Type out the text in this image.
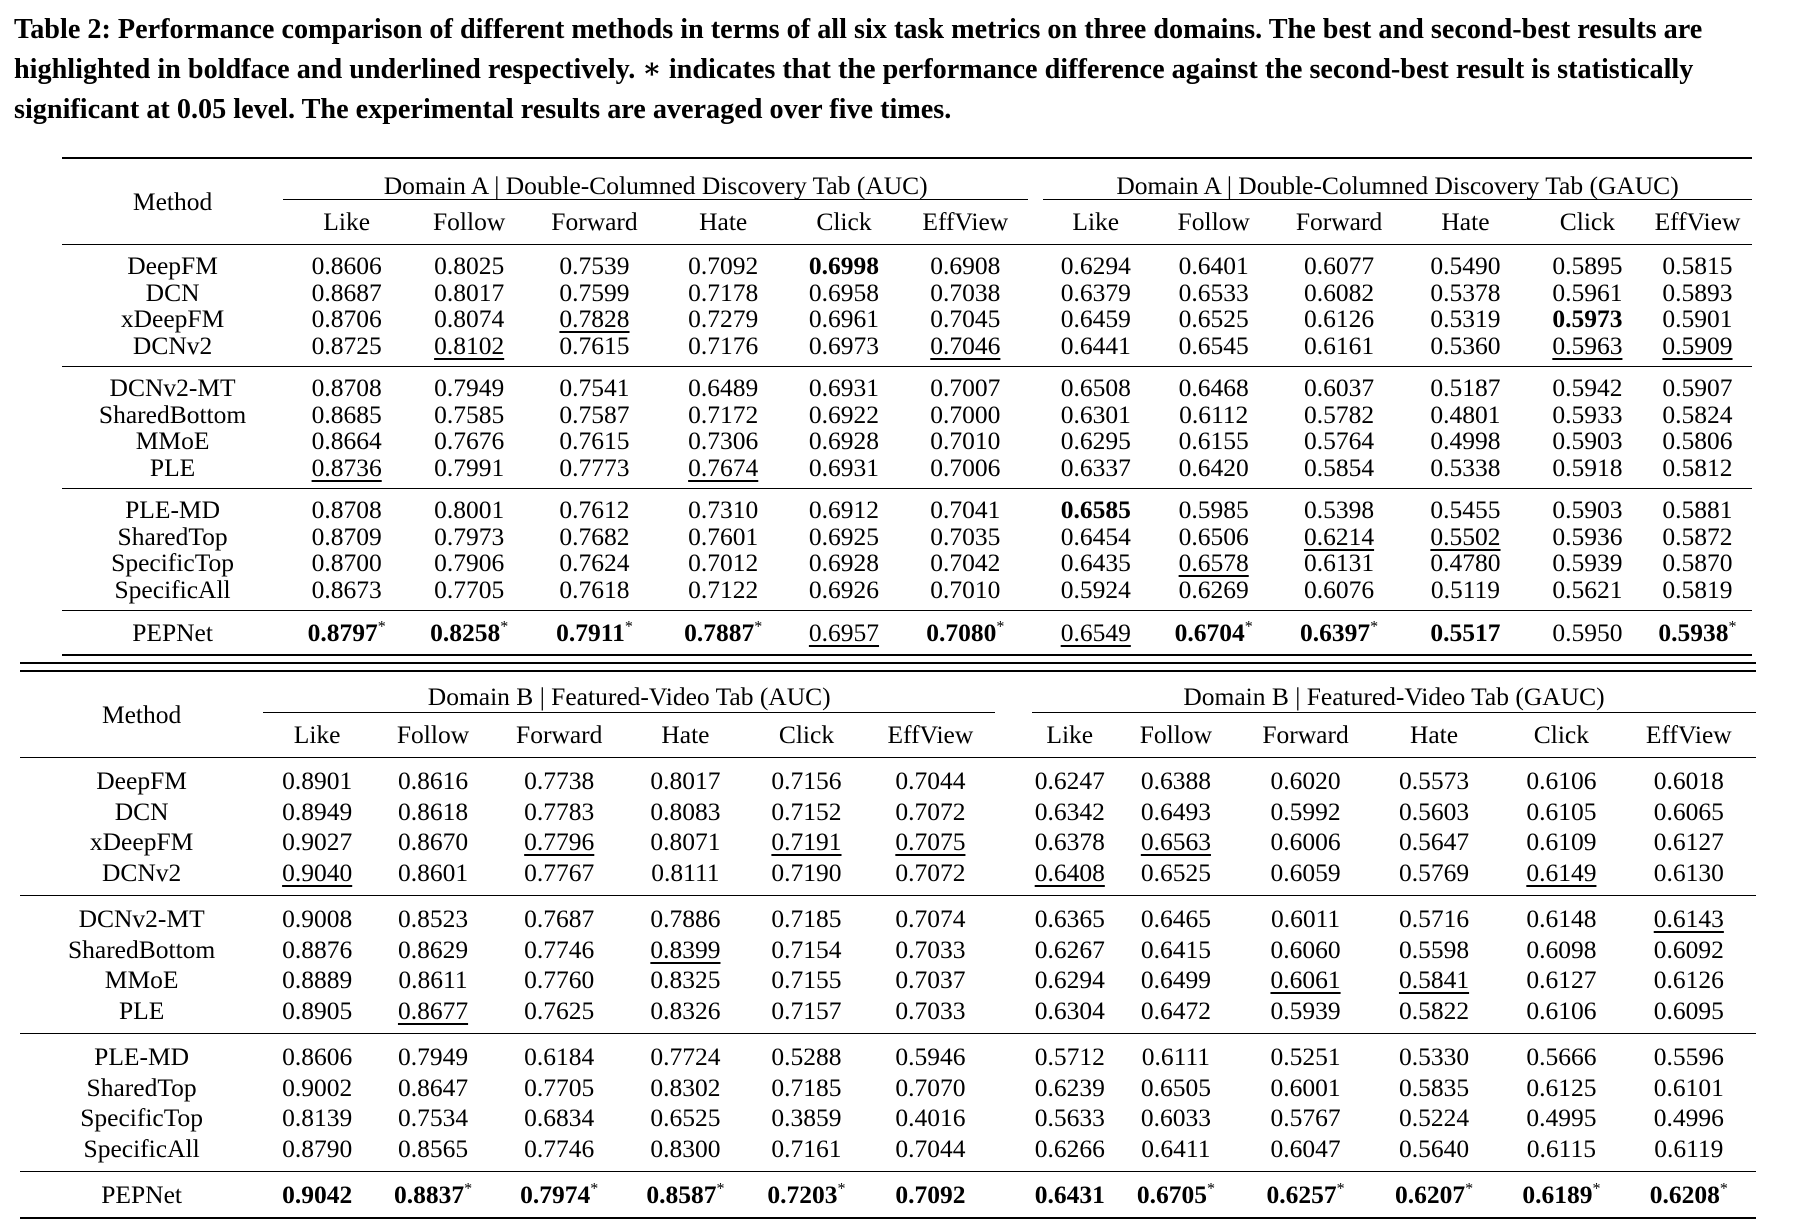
Table 2: Performance comparison of different methods in terms of all six task metrics on three domains. The best and second-best results are highlighted in boldface and underlined respectively. ∗ indicates that the performance difference against the second-best result is statistically significant at 0.05 level. The experimental results are averaged over five times.

Method	Domain A | Double-Columned Discovery Tab (AUC)							Domain A | Double-Columned Discovery Tab (GAUC)					
	Like	Follow	Forward	Hate	Click	EffView		Like	Follow	Forward	Hate	Click	EffView
DeepFM	0.8606	0.8025	0.7539	0.7092	0.6998	0.6908		0.6294	0.6401	0.6077	0.5490	0.5895	0.5815
DCN	0.8687	0.8017	0.7599	0.7178	0.6958	0.7038		0.6379	0.6533	0.6082	0.5378	0.5961	0.5893
xDeepFM	0.8706	0.8074	0.7828	0.7279	0.6961	0.7045		0.6459	0.6525	0.6126	0.5319	0.5973	0.5901
DCNv2	0.8725	0.8102	0.7615	0.7176	0.6973	0.7046		0.6441	0.6545	0.6161	0.5360	0.5963	0.5909
DCNv2-MT	0.8708	0.7949	0.7541	0.6489	0.6931	0.7007		0.6508	0.6468	0.6037	0.5187	0.5942	0.5907
SharedBottom	0.8685	0.7585	0.7587	0.7172	0.6922	0.7000		0.6301	0.6112	0.5782	0.4801	0.5933	0.5824
MMoE	0.8664	0.7676	0.7615	0.7306	0.6928	0.7010		0.6295	0.6155	0.5764	0.4998	0.5903	0.5806
PLE	0.8736	0.7991	0.7773	0.7674	0.6931	0.7006		0.6337	0.6420	0.5854	0.5338	0.5918	0.5812
PLE-MD	0.8708	0.8001	0.7612	0.7310	0.6912	0.7041		0.6585	0.5985	0.5398	0.5455	0.5903	0.5881
SharedTop	0.8709	0.7973	0.7682	0.7601	0.6925	0.7035		0.6454	0.6506	0.6214	0.5502	0.5936	0.5872
SpecificTop	0.8700	0.7906	0.7624	0.7012	0.6928	0.7042		0.6435	0.6578	0.6131	0.4780	0.5939	0.5870
SpecificAll	0.8673	0.7705	0.7618	0.7122	0.6926	0.7010		0.5924	0.6269	0.6076	0.5119	0.5621	0.5819
PEPNet	0.8797*	0.8258*	0.7911*	0.7887*	0.6957	0.7080*		0.6549	0.6704*	0.6397*	0.5517	0.5950	0.5938*
Method	Domain B | Featured-Video Tab (AUC)							Domain B | Featured-Video Tab (GAUC)					
	Like	Follow	Forward	Hate	Click	EffView		Like	Follow	Forward	Hate	Click	EffView
DeepFM	0.8901	0.8616	0.7738	0.8017	0.7156	0.7044		0.6247	0.6388	0.6020	0.5573	0.6106	0.6018
DCN	0.8949	0.8618	0.7783	0.8083	0.7152	0.7072		0.6342	0.6493	0.5992	0.5603	0.6105	0.6065
xDeepFM	0.9027	0.8670	0.7796	0.8071	0.7191	0.7075		0.6378	0.6563	0.6006	0.5647	0.6109	0.6127
DCNv2	0.9040	0.8601	0.7767	0.8111	0.7190	0.7072		0.6408	0.6525	0.6059	0.5769	0.6149	0.6130
DCNv2-MT	0.9008	0.8523	0.7687	0.7886	0.7185	0.7074		0.6365	0.6465	0.6011	0.5716	0.6148	0.6143
SharedBottom	0.8876	0.8629	0.7746	0.8399	0.7154	0.7033		0.6267	0.6415	0.6060	0.5598	0.6098	0.6092
MMoE	0.8889	0.8611	0.7760	0.8325	0.7155	0.7037		0.6294	0.6499	0.6061	0.5841	0.6127	0.6126
PLE	0.8905	0.8677	0.7625	0.8326	0.7157	0.7033		0.6304	0.6472	0.5939	0.5822	0.6106	0.6095
PLE-MD	0.8606	0.7949	0.6184	0.7724	0.5288	0.5946		0.5712	0.6111	0.5251	0.5330	0.5666	0.5596
SharedTop	0.9002	0.8647	0.7705	0.8302	0.7185	0.7070		0.6239	0.6505	0.6001	0.5835	0.6125	0.6101
SpecificTop	0.8139	0.7534	0.6834	0.6525	0.3859	0.4016		0.5633	0.6033	0.5767	0.5224	0.4995	0.4996
SpecificAll	0.8790	0.8565	0.7746	0.8300	0.7161	0.7044		0.6266	0.6411	0.6047	0.5640	0.6115	0.6119
PEPNet	0.9042	0.8837*	0.7974*	0.8587*	0.7203*	0.7092		0.6431	0.6705*	0.6257*	0.6207*	0.6189*	0.6208*
